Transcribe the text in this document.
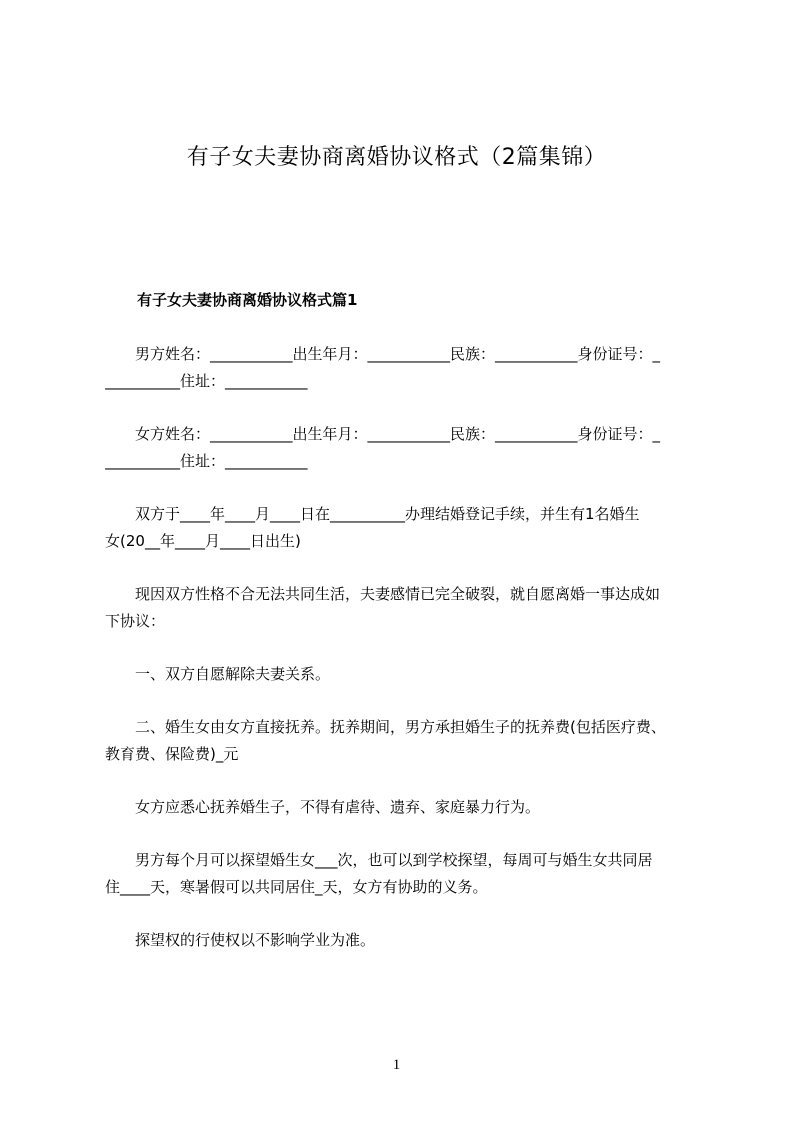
有子女夫妻协商离婚协议格式（2篇集锦）
有子女夫妻协商离婚协议格式篇1

　　男方姓名：___________出生年月：___________民族：___________身份证号：_
__________住址：___________

　　女方姓名：___________出生年月：___________民族：___________身份证号：_
__________住址：___________

　　双方于____年____月____日在__________办理结婚登记手续，并生有1名婚生
女(20__年____月____日出生)

　　现因双方性格不合无法共同生活，夫妻感情已完全破裂，就自愿离婚一事达成如
下协议：

　　一、双方自愿解除夫妻关系。

　　二、婚生女由女方直接抚养。抚养期间，男方承担婚生子的抚养费(包括医疗费、
教育费、保险费)_元

　　女方应悉心抚养婚生子，不得有虐待、遗弃、家庭暴力行为。

　　男方每个月可以探望婚生女___次，也可以到学校探望，每周可与婚生女共同居
住____天，寒暑假可以共同居住_天，女方有协助的义务。

　　探望权的行使权以不影响学业为准。

1
